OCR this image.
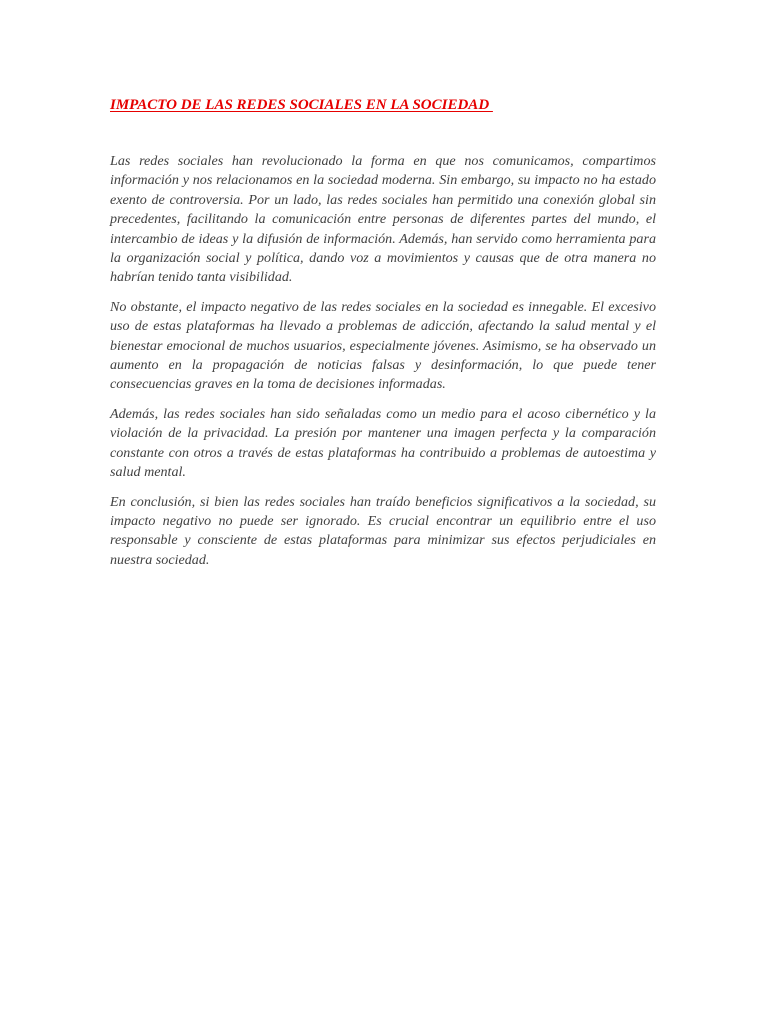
IMPACTO DE LAS REDES SOCIALES EN LA SOCIEDAD

Las redes sociales han revolucionado la forma en que nos comunicamos, compartimos información y nos relacionamos en la sociedad moderna. Sin embargo, su impacto no ha estado exento de controversia. Por un lado, las redes sociales han permitido una conexión global sin precedentes, facilitando la comunicación entre personas de diferentes partes del mundo, el intercambio de ideas y la difusión de información. Además, han servido como herramienta para la organización social y política, dando voz a movimientos y causas que de otra manera no habrían tenido tanta visibilidad.

No obstante, el impacto negativo de las redes sociales en la sociedad es innegable. El excesivo uso de estas plataformas ha llevado a problemas de adicción, afectando la salud mental y el bienestar emocional de muchos usuarios, especialmente jóvenes. Asimismo, se ha observado un aumento en la propagación de noticias falsas y desinformación, lo que puede tener consecuencias graves en la toma de decisiones informadas.

Además, las redes sociales han sido señaladas como un medio para el acoso cibernético y la violación de la privacidad. La presión por mantener una imagen perfecta y la comparación constante con otros a través de estas plataformas ha contribuido a problemas de autoestima y salud mental.

En conclusión, si bien las redes sociales han traído beneficios significativos a la sociedad, su impacto negativo no puede ser ignorado. Es crucial encontrar un equilibrio entre el uso responsable y consciente de estas plataformas para minimizar sus efectos perjudiciales en nuestra sociedad.
